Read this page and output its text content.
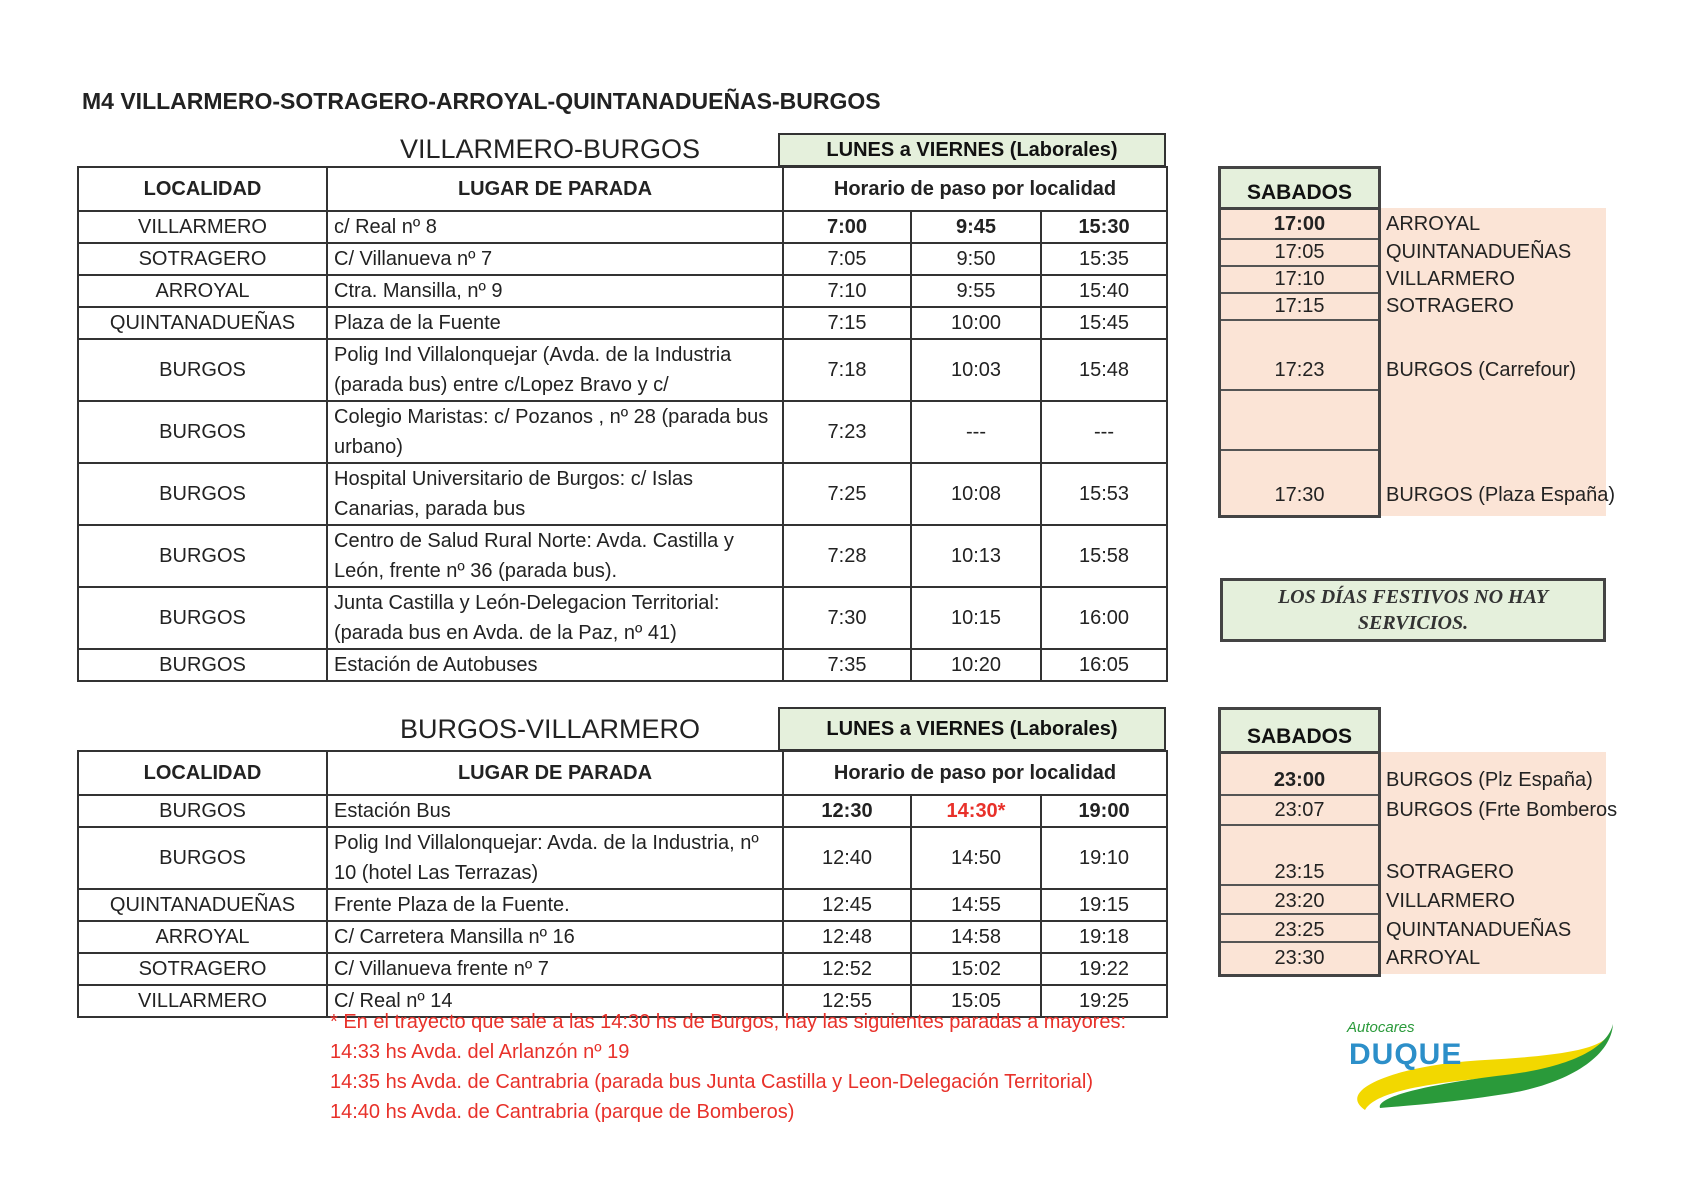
M4 VILLARMERO-SOTRAGERO-ARROYAL-QUINTANADUEÑAS-BURGOS
VILLARMERO-BURGOS	LUNES a VIERNES (Laborales)
LOCALIDAD	LUGAR DE PARADA	Horario de paso por localidad		
VILLARMERO	c/ Real nº 8	7:00	9:45	15:30
SOTRAGERO	C/ Villanueva nº 7	7:05	9:50	15:35
ARROYAL	Ctra. Mansilla, nº 9	7:10	9:55	15:40
QUINTANADUEÑAS	Plaza de la Fuente	7:15	10:00	15:45
BURGOS	Polig Ind Villalonquejar (Avda. de la Industria (parada bus) entre c/Lopez Bravo y c/	7:18	10:03	15:48
BURGOS	Colegio Maristas: c/ Pozanos , nº 28 (parada bus urbano)	7:23	---	---
BURGOS	Hospital Universitario de Burgos: c/ Islas Canarias, parada bus	7:25	10:08	15:53
BURGOS	Centro de Salud Rural Norte: Avda. Castilla y León, frente nº 36 (parada bus).	7:28	10:13	15:58
BURGOS	Junta Castilla y León-Delegacion Territorial: (parada bus en Avda. de la Paz, nº 41)	7:30	10:15	16:00
BURGOS	Estación de Autobuses	7:35	10:20	16:05
SABADOS
17:00	ARROYAL
17:05	QUINTANADUEÑAS
17:10	VILLARMERO
17:15	SOTRAGERO
17:23	BURGOS (Carrefour)
17:30	BURGOS (Plaza España)
LOS DÍAS FESTIVOS NO HAY SERVICIOS.
BURGOS-VILLARMERO	LUNES a VIERNES (Laborales)
LOCALIDAD	LUGAR DE PARADA	Horario de paso por localidad		
BURGOS	Estación Bus	12:30	14:30*	19:00
BURGOS	Polig Ind Villalonquejar: Avda. de la Industria, nº 10 (hotel Las Terrazas)	12:40	14:50	19:10
QUINTANADUEÑAS	Frente Plaza de la Fuente.	12:45	14:55	19:15
ARROYAL	C/ Carretera Mansilla nº 16	12:48	14:58	19:18
SOTRAGERO	C/ Villanueva frente nº 7	12:52	15:02	19:22
VILLARMERO	C/ Real nº 14	12:55	15:05	19:25
SABADOS
23:00	BURGOS (Plz España)
23:07	BURGOS (Frte Bomberos
23:15	SOTRAGERO
23:20	VILLARMERO
23:25	QUINTANADUEÑAS
23:30	ARROYAL
* En el trayecto que sale a las 14:30 hs de Burgos, hay las siguientes paradas a mayores:
14:33 hs Avda. del Arlanzón nº 19
14:35 hs Avda. de Cantrabria (parada bus Junta Castilla y Leon-Delegación Territorial)
14:40 hs Avda. de Cantrabria (parque de Bomberos)
Autocares
DUQUE
